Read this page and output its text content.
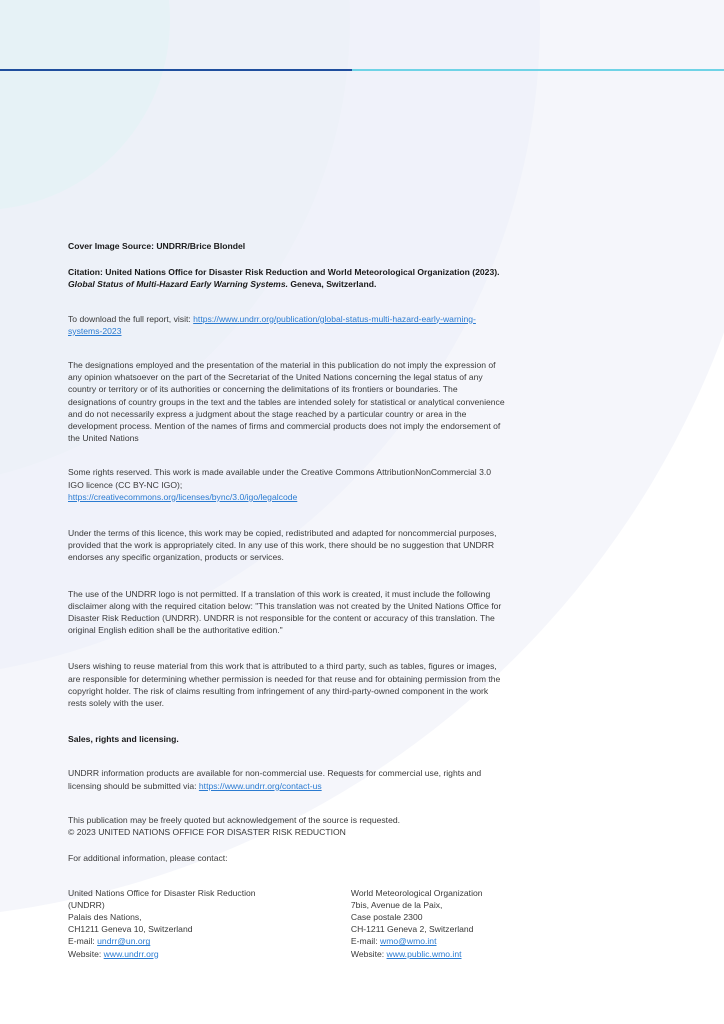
Cover Image Source: UNDRR/Brice Blondel

Citation: United Nations Office for Disaster Risk Reduction and World Meteorological Organization (2023). Global Status of Multi-Hazard Early Warning Systems. Geneva, Switzerland.

To download the full report, visit: https://www.undrr.org/publication/global-status-multi-hazard-early-warning-systems-2023

The designations employed and the presentation of the material in this publication do not imply the expression of any opinion whatsoever on the part of the Secretariat of the United Nations concerning the legal status of any country or territory or of its authorities or concerning the delimitations of its frontiers or boundaries. The designations of country groups in the text and the tables are intended solely for statistical or analytical convenience and do not necessarily express a judgment about the stage reached by a particular country or area in the development process. Mention of the names of firms and commercial products does not imply the endorsement of the United Nations

Some rights reserved. This work is made available under the Creative Commons AttributionNonCommercial 3.0 IGO licence (CC BY-NC IGO);
https://creativecommons.org/licenses/bync/3.0/igo/legalcode

Under the terms of this licence, this work may be copied, redistributed and adapted for noncommercial purposes, provided that the work is appropriately cited. In any use of this work, there should be no suggestion that UNDRR endorses any specific organization, products or services.

The use of the UNDRR logo is not permitted. If a translation of this work is created, it must include the following disclaimer along with the required citation below: "This translation was not created by the United Nations Office for Disaster Risk Reduction (UNDRR). UNDRR is not responsible for the content or accuracy of this translation. The original English edition shall be the authoritative edition."

Users wishing to reuse material from this work that is attributed to a third party, such as tables, figures or images, are responsible for determining whether permission is needed for that reuse and for obtaining permission from the copyright holder. The risk of claims resulting from infringement of any third-party-owned component in the work rests solely with the user.

Sales, rights and licensing.

UNDRR information products are available for non-commercial use. Requests for commercial use, rights and licensing should be submitted via: https://www.undrr.org/contact-us

This publication may be freely quoted but acknowledgement of the source is requested.

© 2023 UNITED NATIONS OFFICE FOR DISASTER RISK REDUCTION

For additional information, please contact:

United Nations Office for Disaster Risk Reduction

(UNDRR)

Palais des Nations,

CH1211 Geneva 10, Switzerland

E-mail: undrr@un.org

Website: www.undrr.org

World Meteorological Organization

7bis, Avenue de la Paix,

Case postale 2300

CH-1211 Geneva 2, Switzerland

E-mail: wmo@wmo.int

Website: www.public.wmo.int
